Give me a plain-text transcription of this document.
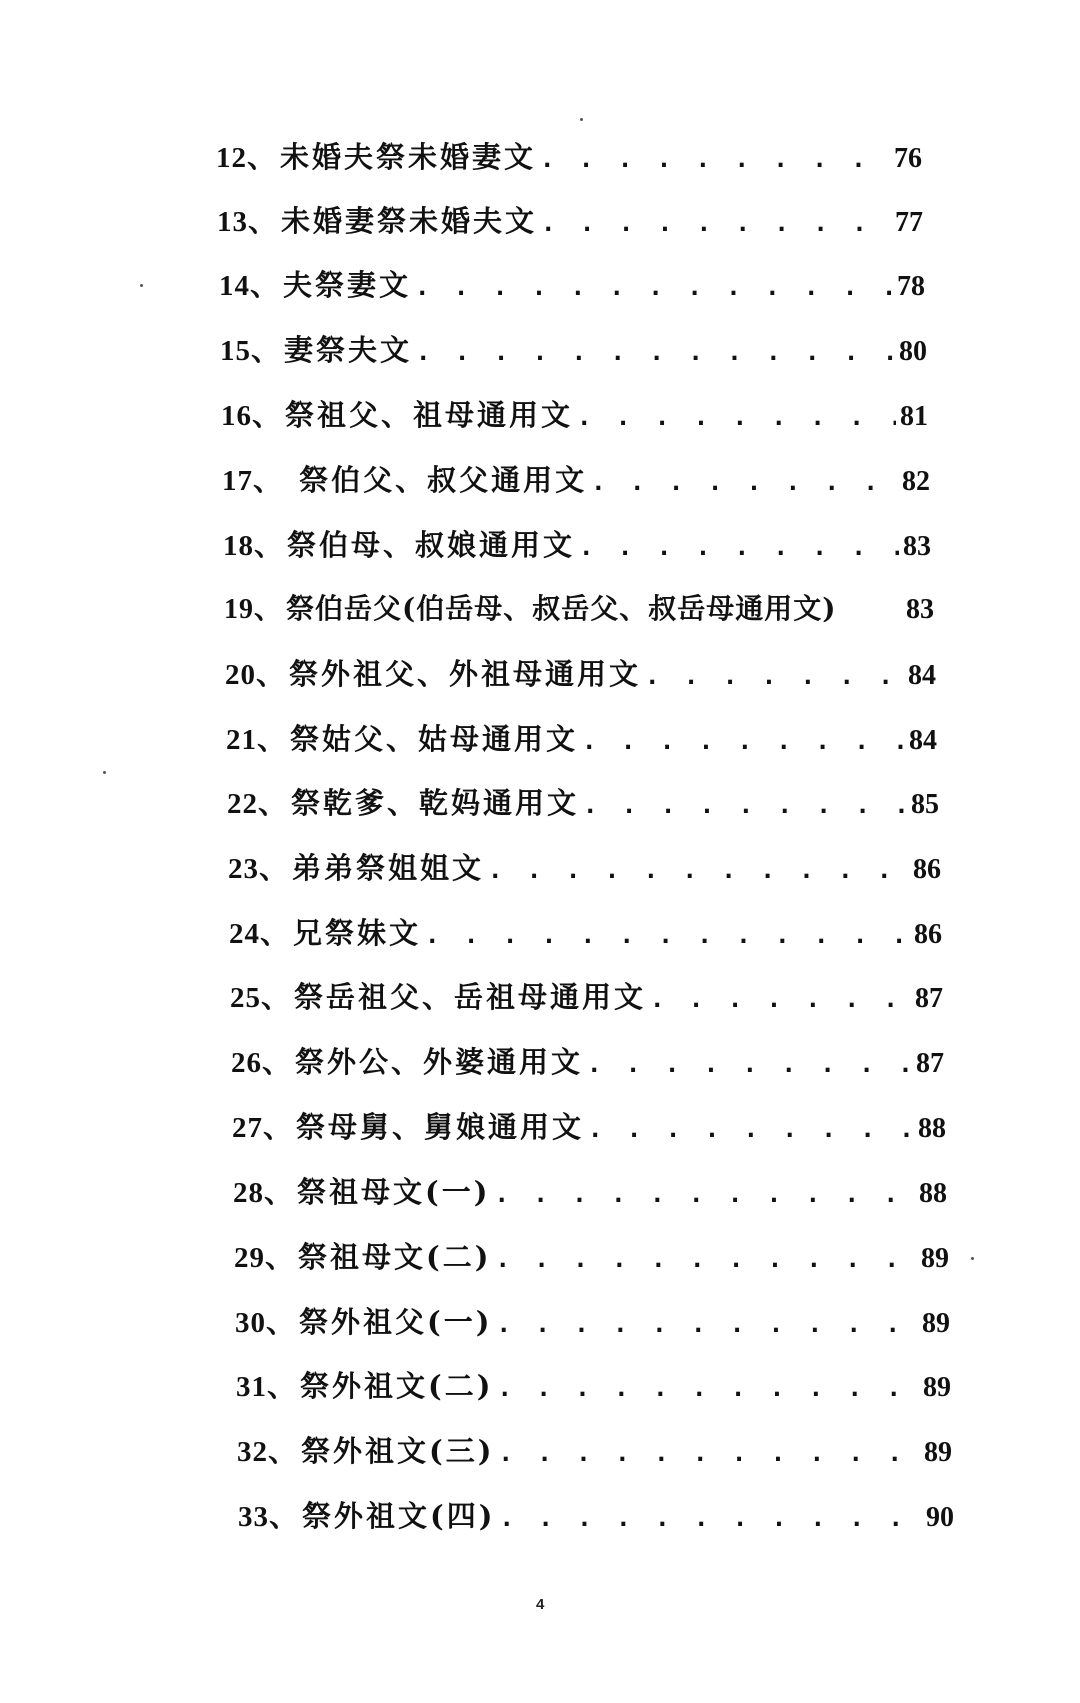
12 、 未婚夫祭未婚妻文 . . .	76
13 、 未婚妻祭未婚夫文 . . .	77
14 、 夫祭妻文 . . .	78
15 、 妻祭夫文 . . .	80
16 、 祭祖父、祖母通用文 . . .	81
17 、 祭伯父、叔父通用文 . . .	82
18 、 祭伯母、叔娘通用文 . . .	83
19 、 祭伯岳父(伯岳母、叔岳父、叔岳母通用文) 83
20 、 祭外祖父、外祖母通用文 . . .	84
21 、 祭姑父、姑母通用文 . . .	84
22 、 祭乾爹、乾妈通用文 . . .	85
23 、 弟弟祭姐姐文 . . .	86
24 、 兄祭妹文 . . .	86
25 、 祭岳祖父、岳祖母通用文 . . .	87
26 、 祭外公、外婆通用文 . . .	87
27 、 祭母舅、舅娘通用文 . . .	88
28 、 祭祖母文(一) . . .	88
29 、 祭祖母文(二) . . .	89
30 、 祭外祖父(一) . . .	89
31 、 祭外祖文(二) . . .	89
32 、 祭外祖文(三) . . .	89
33 、 祭外祖文(四) . . .	90
4
